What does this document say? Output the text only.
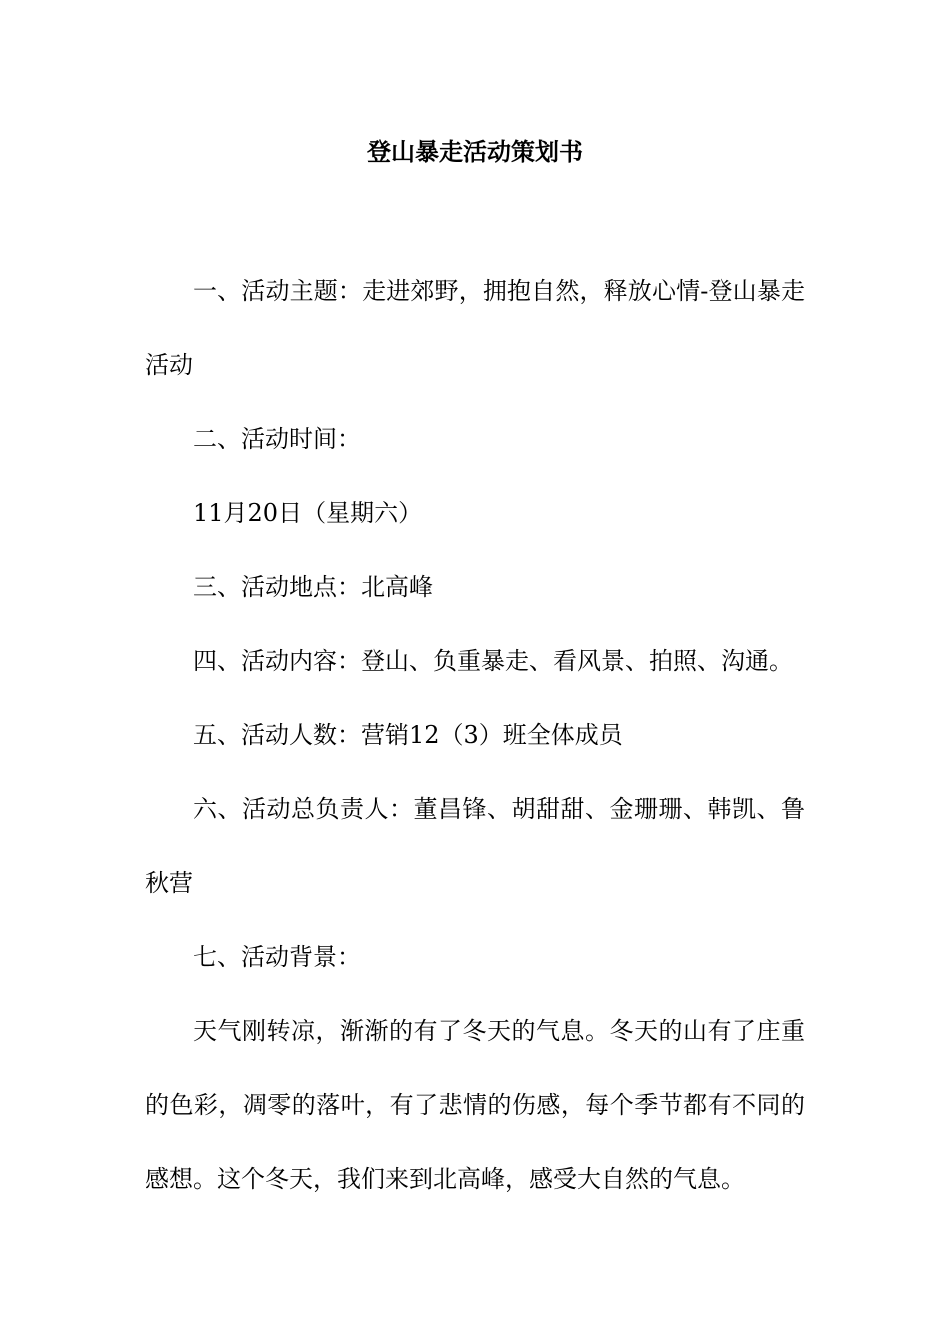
登山暴走活动策划书

一、活动主题：走进郊野，拥抱自然，释放心情-登山暴走活动

二、活动时间：

11月20日（星期六）

三、活动地点：北高峰

四、活动内容：登山、负重暴走、看风景、拍照、沟通。

五、活动人数：营销12（3）班全体成员

六、活动总负责人：董昌锋、胡甜甜、金珊珊、韩凯、鲁秋营

七、活动背景：

天气刚转凉，渐渐的有了冬天的气息。冬天的山有了庄重的色彩，凋零的落叶，有了悲情的伤感，每个季节都有不同的感想。这个冬天，我们来到北高峰，感受大自然的气息。
